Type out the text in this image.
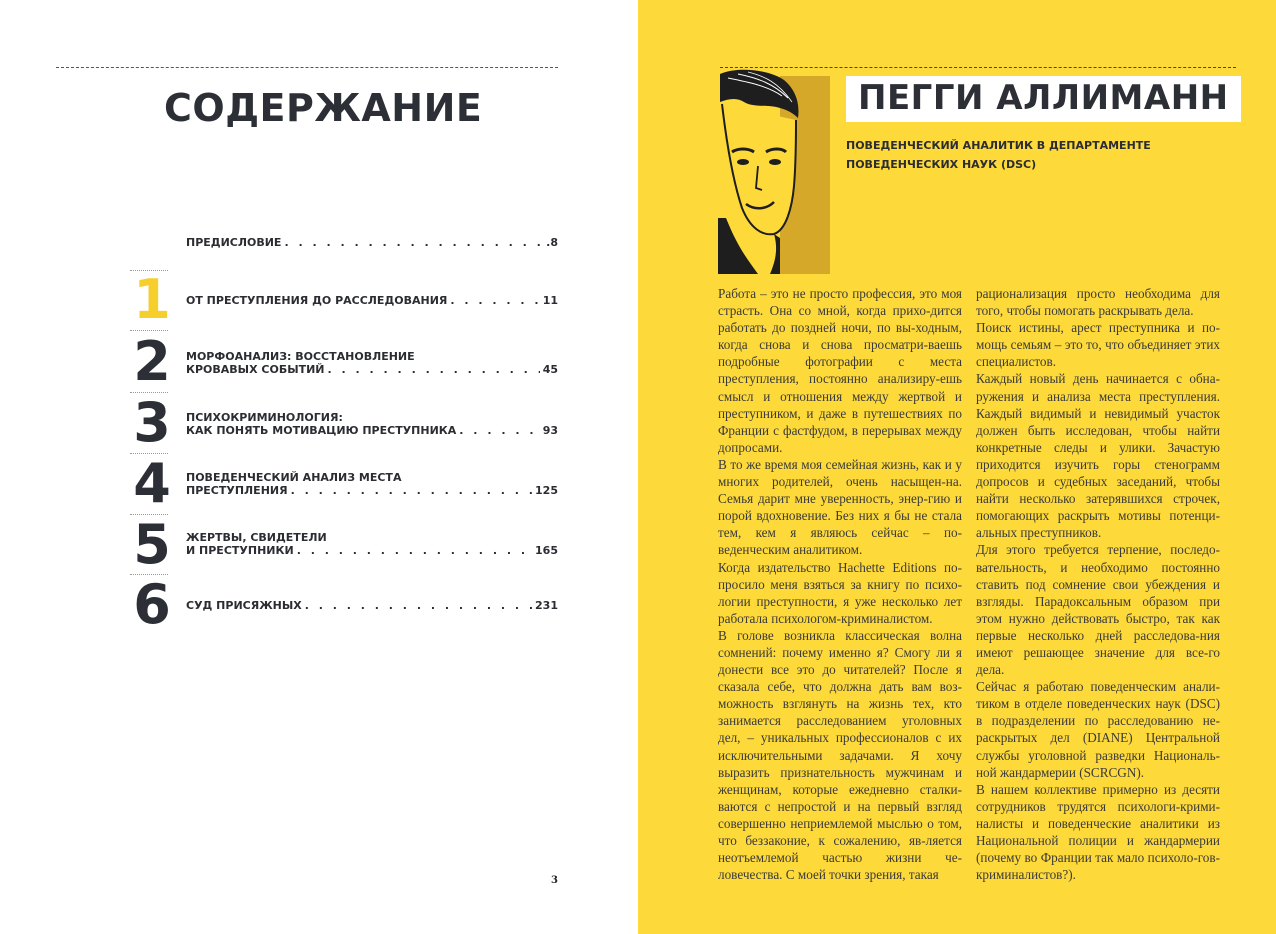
СОДЕРЖАНИЕ
ПРЕДИСЛОВИЕ . . .	.8
1 ОТ ПРЕСТУПЛЕНИЯ ДО РАССЛЕДОВАНИЯ . . .	11
2 МОРФОАНАЛИЗ: ВОССТАНОВЛЕНИЕ
КРОВАВЫХ СОБЫТИЙ . . .	45
3 ПСИХОКРИМИНОЛОГИЯ:
КАК ПОНЯТЬ МОТИВАЦИЮ ПРЕСТУПНИКА . . .	93
4 ПОВЕДЕНЧЕСКИЙ АНАЛИЗ МЕСТА
ПРЕСТУПЛЕНИЯ . . .	125
5 ЖЕРТВЫ, СВИДЕТЕЛИ
И ПРЕСТУПНИКИ . . .	165
6 СУД ПРИСЯЖНЫХ . . .	231
3
ПЕГГИ АЛЛИМАНН
ПОВЕДЕНЧЕСКИЙ АНАЛИТИК В ДЕПАРТАМЕНТЕ
ПОВЕДЕНЧЕСКИХ НАУК (DSC)

Работа – это не просто профессия, это моя страсть. Она со мной, когда прихо-дится работать до поздней ночи, по вы-ходным, когда снова и снова просматри-ваешь подробные фотографии с места преступления, постоянно анализиру-ешь смысл и отношения между жертвой и преступником, и даже в путешествиях по Франции с фастфудом, в перерывах между допросами.

В то же время моя семейная жизнь, как и у многих родителей, очень насыщен-на. Семья дарит мне уверенность, энер-гию и порой вдохновение. Без них я бы не стала тем, кем я являюсь сейчас – по-веденческим аналитиком.

Когда издательство Hachette Editions по-просило меня взяться за книгу по психо-логии преступности, я уже несколько лет работала психологом-криминалистом.

В голове возникла классическая волна сомнений: почему именно я? Смогу ли я донести все это до читателей? После я сказала себе, что должна дать вам воз-можность взглянуть на жизнь тех, кто занимается расследованием уголовных дел, – уникальных профессионалов с их исключительными задачами. Я хочу выразить признательность мужчинам и женщинам, которые ежедневно сталки-ваются с непростой и на первый взгляд совершенно неприемлемой мыслью о том, что беззаконие, к сожалению, яв-ляется неотъемлемой частью жизни че-ловечества. С моей точки зрения, такая

рационализация просто необходима для того, чтобы помогать раскрывать дела.

Поиск истины, арест преступника и по-мощь семьям – это то, что объединяет этих специалистов.

Каждый новый день начинается с обна-ружения и анализа места преступления. Каждый видимый и невидимый участок должен быть исследован, чтобы найти конкретные следы и улики. Зачастую приходится изучить горы стенограмм допросов и судебных заседаний, чтобы найти несколько затерявшихся строчек, помогающих раскрыть мотивы потенци-альных преступников.

Для этого требуется терпение, последо-вательность, и необходимо постоянно ставить под сомнение свои убеждения и взгляды. Парадоксальным образом при этом нужно действовать быстро, так как первые несколько дней расследова-ния имеют решающее значение для все-го дела.

Сейчас я работаю поведенческим анали-тиком в отделе поведенческих наук (DSC) в подразделении по расследованию не-раскрытых дел (DIANE) Центральной службы уголовной разведки Националь-ной жандармерии (SCRCGN).

В нашем коллективе примерно из десяти сотрудников трудятся психологи-крими-налисты и поведенческие аналитики из Национальной полиции и жандармерии (почему во Франции так мало психоло-гов-криминалистов?).
